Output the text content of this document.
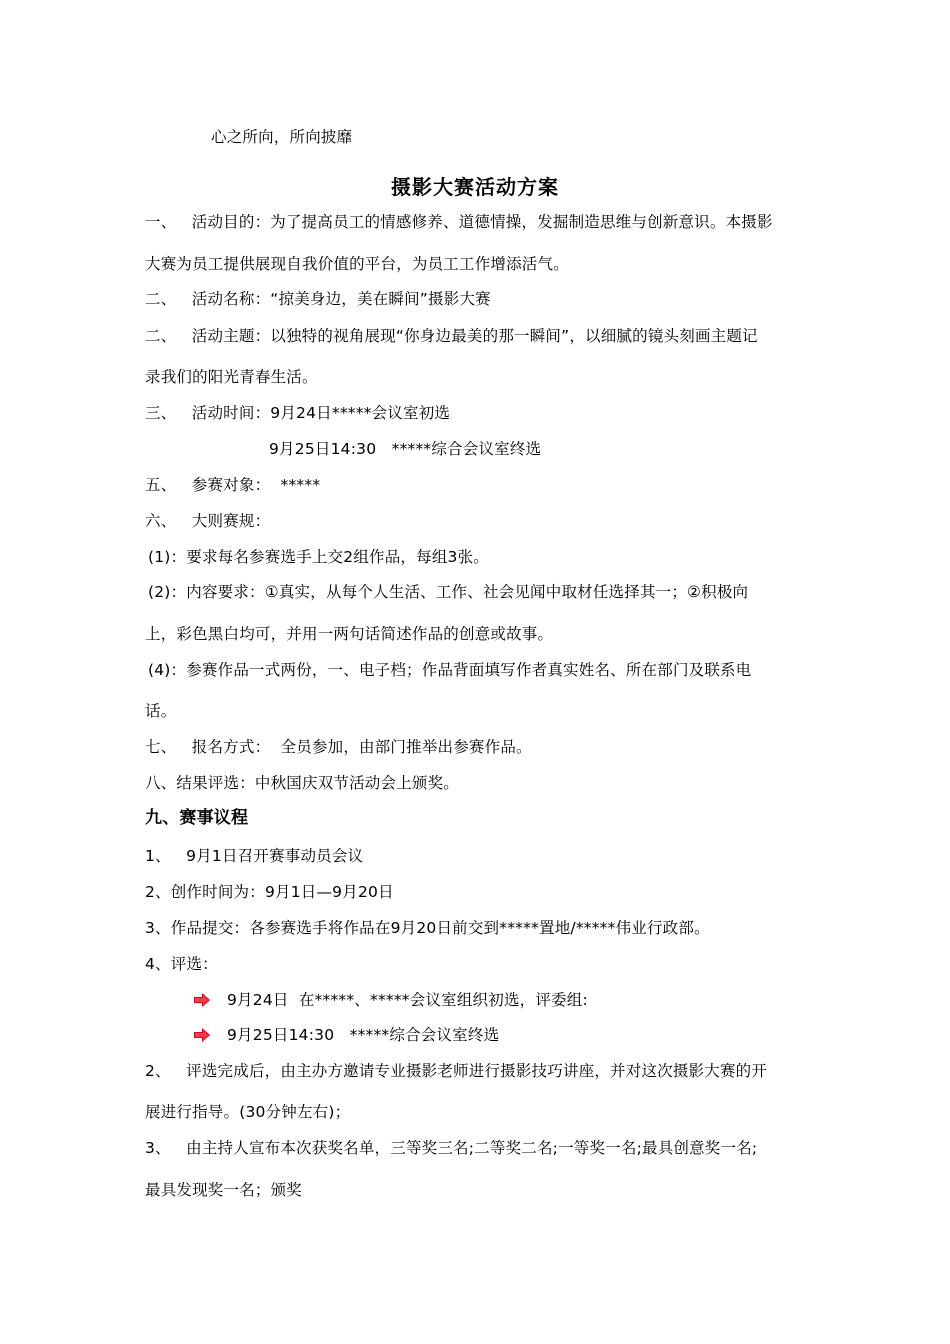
心之所向，所向披靡
摄影大赛活动方案
一、   活动目的：为了提高员工的情感修养、道德情操，发掘制造思维与创新意识。本摄影
大赛为员工提供展现自我价值的平台，为员工工作增添活气。
二、   活动名称：“掠美身边，美在瞬间”摄影大赛
二、   活动主题：以独特的视角展现“你身边最美的那一瞬间”，以细腻的镜头刻画主题记
录我们的阳光青春生活。
三、   活动时间：9月24日*****会议室初选
9月25日14:30   *****综合会议室终选
五、   参赛对象：  *****
六、   大则赛规：
(1)：要求每名参赛选手上交2组作品，每组3张。
(2)：内容要求：①真实，从每个人生活、工作、社会见闻中取材任选择其一；②积极向
上，彩色黑白均可，并用一两句话简述作品的创意或故事。
(4)：参赛作品一式两份，一、电子档；作品背面填写作者真实姓名、所在部门及联系电
话。
七、   报名方式：  全员参加，由部门推举出参赛作品。
八、结果评选：中秋国庆双节活动会上颁奖。
九、赛事议程
1、   9月1日召开赛事动员会议
2、创作时间为：9月1日—9月20日
3、作品提交：各参赛选手将作品在9月20日前交到*****置地/*****伟业行政部。
4、评选：
9月24日  在*****、*****会议室组织初选，评委组:
9月25日14:30   *****综合会议室终选
2、   评选完成后，由主办方邀请专业摄影老师进行摄影技巧讲座，并对这次摄影大赛的开
展进行指导。(30分钟左右)；
3、   由主持人宣布本次获奖名单，三等奖三名;二等奖二名;一等奖一名;最具创意奖一名;
最具发现奖一名；颁奖
